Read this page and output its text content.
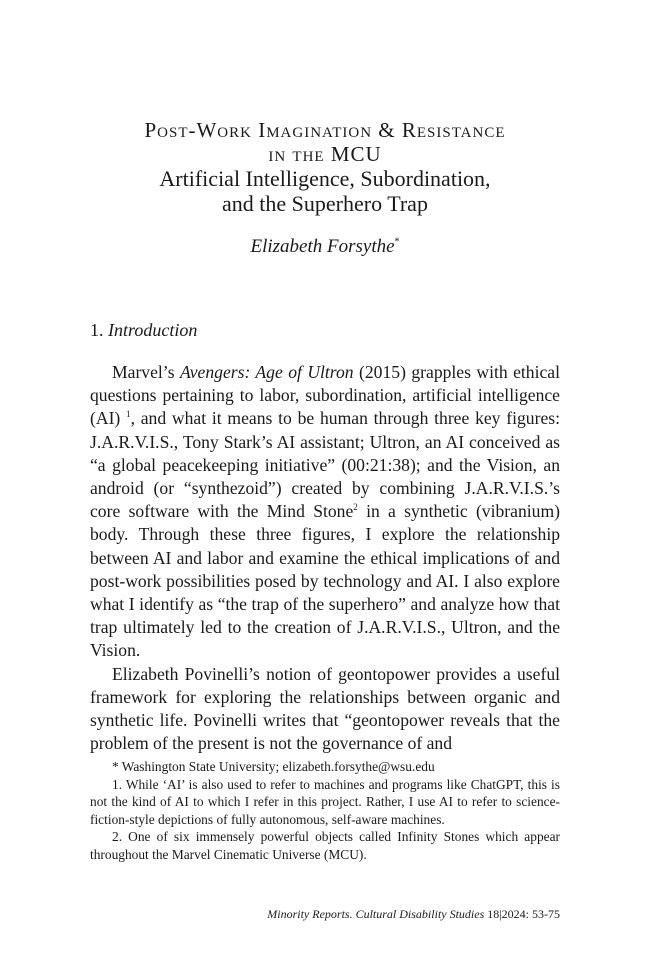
Post-Work Imagination & Resistance
in the MCU
Artificial Intelligence, Subordination,
and the Superhero Trap
Elizabeth Forsythe*
1. Introduction

Marvel’s Avengers: Age of Ultron (2015) grapples with ethical questions pertaining to labor, subordination, artificial intelligence (AI) $^1$, and what it means to be human through three key figures: J.A.R.V.I.S., Tony Stark’s AI assistant; Ultron, an AI conceived as “a global peacekeeping initiative” (00:21:38); and the Vision, an android (or “synthezoid”) created by combining J.A.R.V.I.S.’s core software with the Mind Stone$^2$ in a synthetic (vibranium) body. Through these three figures, I explore the relationship between AI and labor and examine the ethical implications of and post-work possibilities posed by technology and AI. I also explore what I identify as “the trap of the superhero” and analyze how that trap ultimately led to the creation of J.A.R.V.I.S., Ultron, and the Vision.

Elizabeth Povinelli’s notion of geontopower provides a useful framework for exploring the relationships between organic and synthetic life. Povinelli writes that “geontopower reveals that the problem of the present is not the governance of and

* Washington State University; elizabeth.forsythe@wsu.edu

1. While ‘AI’ is also used to refer to machines and programs like ChatGPT, this is not the kind of AI to which I refer in this project. Rather, I use AI to refer to science-fiction-style depictions of fully autonomous, self-aware machines.

2. One of six immensely powerful objects called Infinity Stones which appear throughout the Marvel Cinematic Universe (MCU).

Minority Reports. Cultural Disability Studies 18|2024: 53-75
